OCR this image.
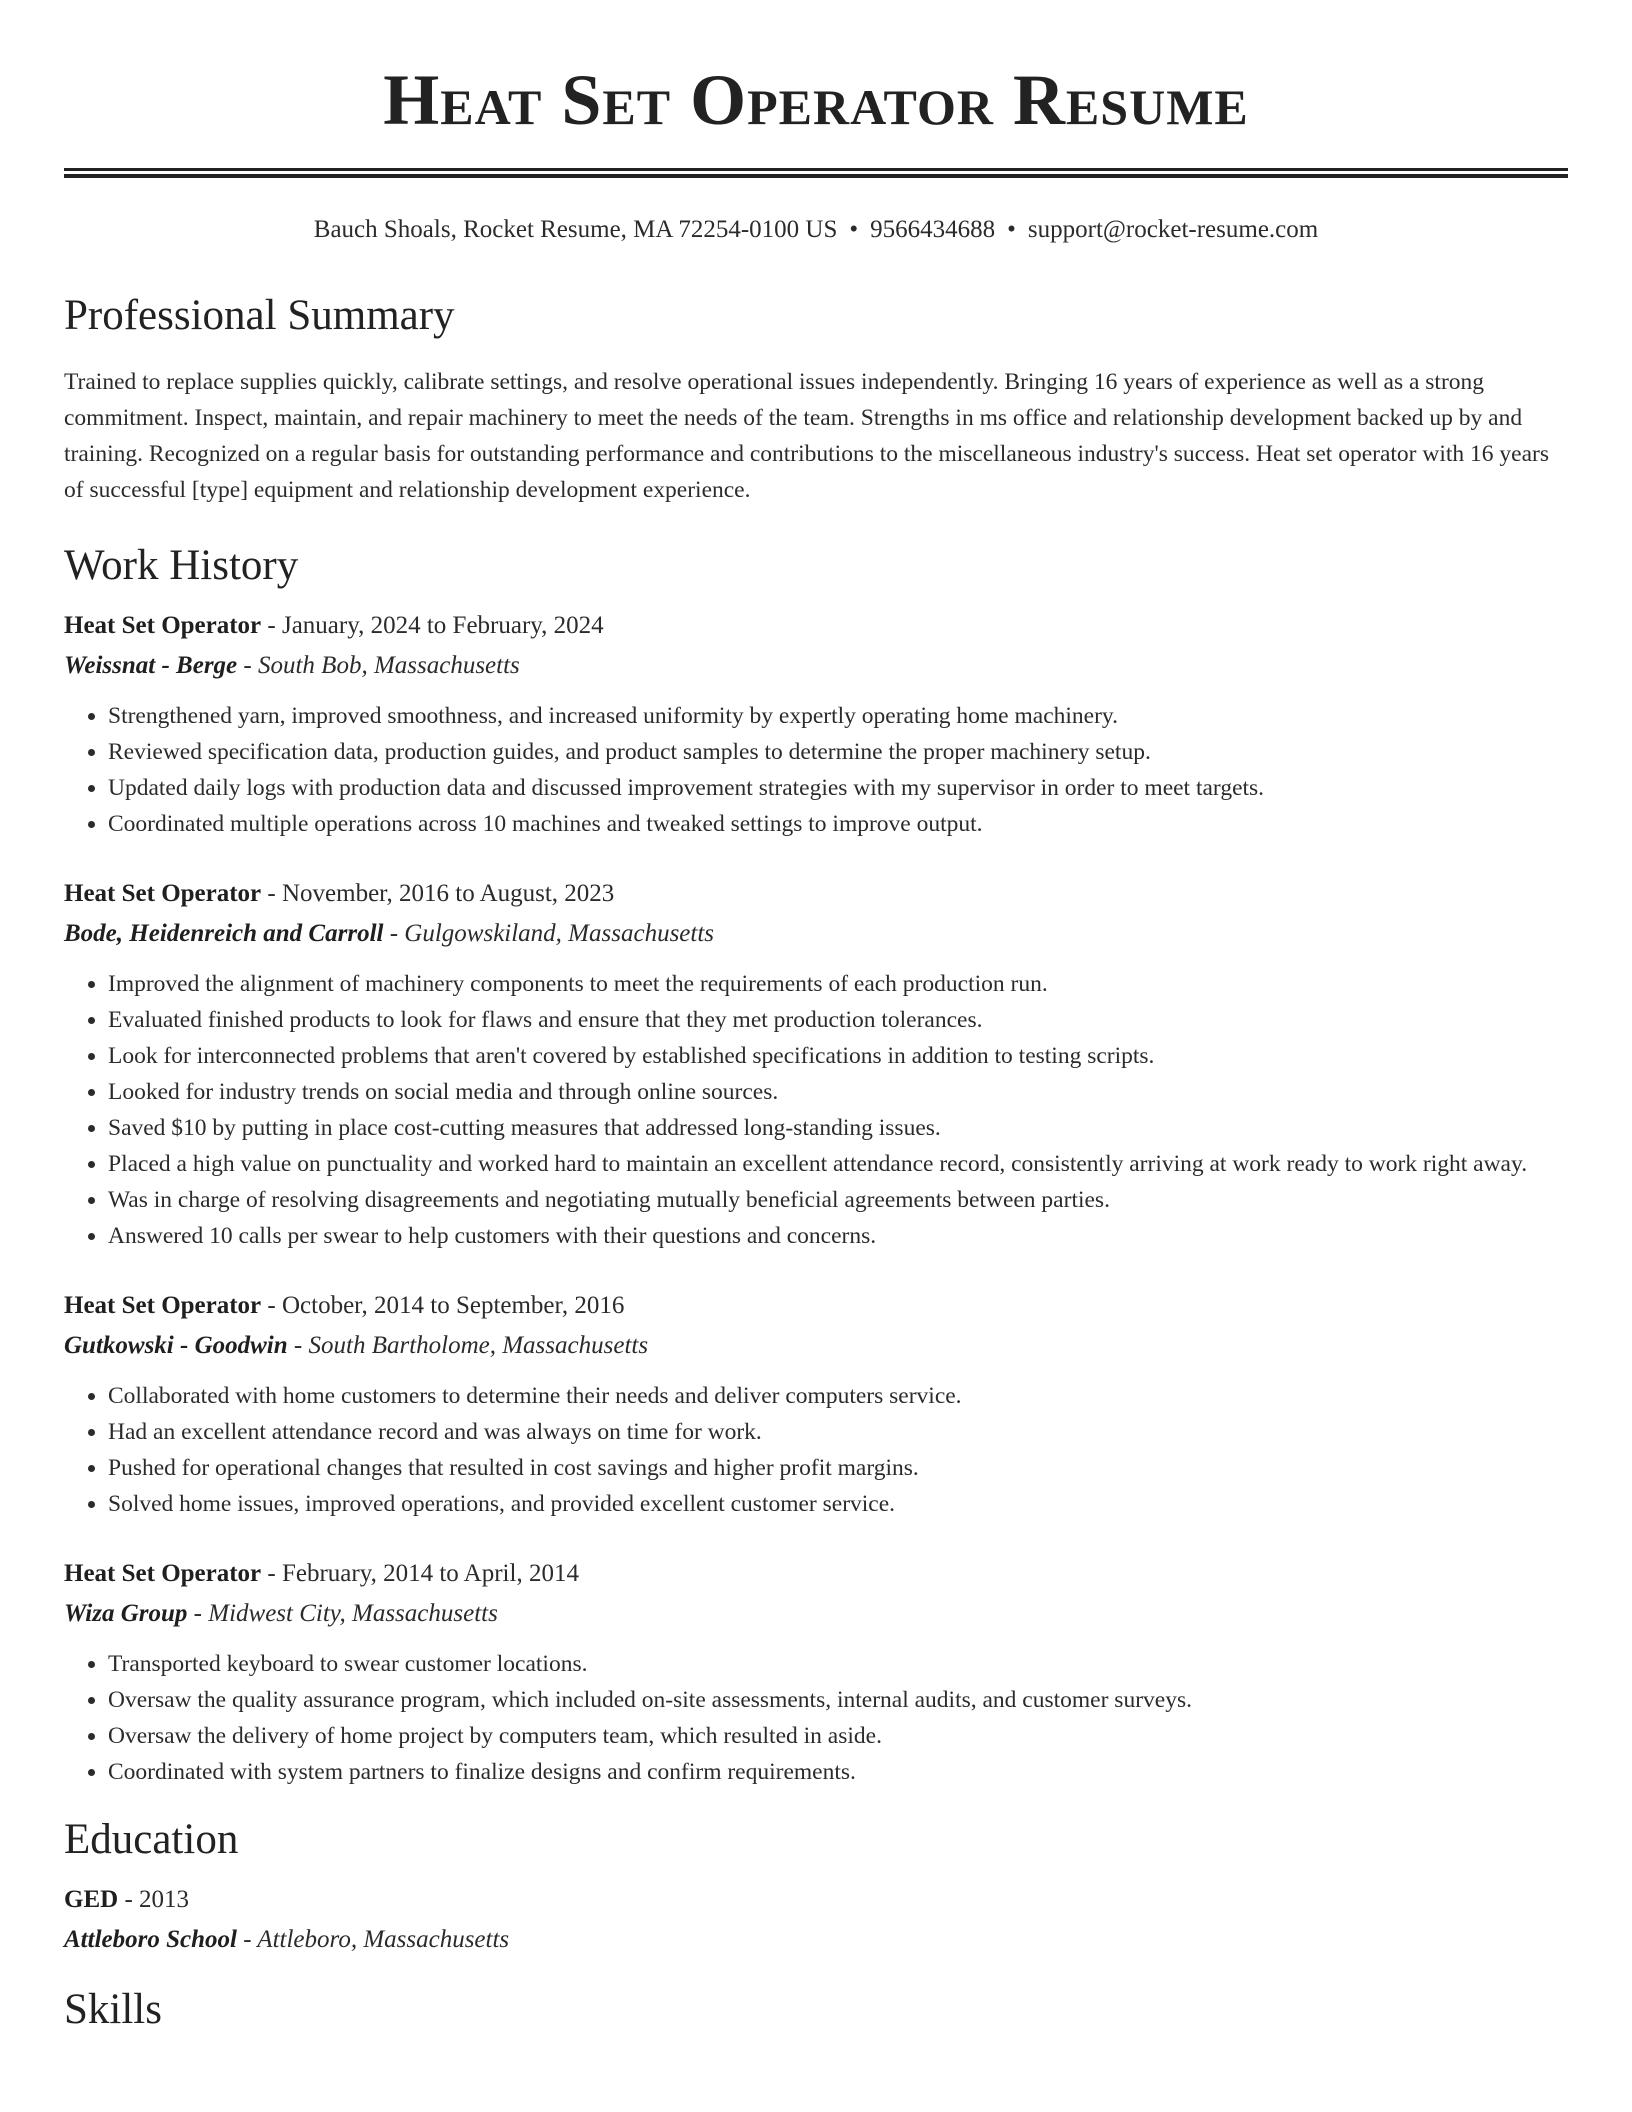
Heat Set Operator Resume
Bauch Shoals, Rocket Resume, MA 72254-0100 US • 9566434688 • support@rocket-resume.com
Professional Summary

Trained to replace supplies quickly, calibrate settings, and resolve operational issues independently. Bringing 16 years of experience as well as a strong commitment. Inspect, maintain, and repair machinery to meet the needs of the team. Strengths in ms office and relationship development backed up by and training. Recognized on a regular basis for outstanding performance and contributions to the miscellaneous industry's success. Heat set operator with 16 years of successful [type] equipment and relationship development experience.

Work History
Heat Set Operator - January, 2024 to February, 2024
Weissnat - Berge - South Bob, Massachusetts
• Strengthened yarn, improved smoothness, and increased uniformity by expertly operating home machinery.
• Reviewed specification data, production guides, and product samples to determine the proper machinery setup.
• Updated daily logs with production data and discussed improvement strategies with my supervisor in order to meet targets.
• Coordinated multiple operations across 10 machines and tweaked settings to improve output.
Heat Set Operator - November, 2016 to August, 2023
Bode, Heidenreich and Carroll - Gulgowskiland, Massachusetts
• Improved the alignment of machinery components to meet the requirements of each production run.
• Evaluated finished products to look for flaws and ensure that they met production tolerances.
• Look for interconnected problems that aren't covered by established specifications in addition to testing scripts.
• Looked for industry trends on social media and through online sources.
• Saved $10 by putting in place cost-cutting measures that addressed long-standing issues.
• Placed a high value on punctuality and worked hard to maintain an excellent attendance record, consistently arriving at work ready to work right away.
• Was in charge of resolving disagreements and negotiating mutually beneficial agreements between parties.
• Answered 10 calls per swear to help customers with their questions and concerns.
Heat Set Operator - October, 2014 to September, 2016
Gutkowski - Goodwin - South Bartholome, Massachusetts
• Collaborated with home customers to determine their needs and deliver computers service.
• Had an excellent attendance record and was always on time for work.
• Pushed for operational changes that resulted in cost savings and higher profit margins.
• Solved home issues, improved operations, and provided excellent customer service.
Heat Set Operator - February, 2014 to April, 2014
Wiza Group - Midwest City, Massachusetts
• Transported keyboard to swear customer locations.
• Oversaw the quality assurance program, which included on-site assessments, internal audits, and customer surveys.
• Oversaw the delivery of home project by computers team, which resulted in aside.
• Coordinated with system partners to finalize designs and confirm requirements.
Education
GED - 2013
Attleboro School - Attleboro, Massachusetts
Skills
